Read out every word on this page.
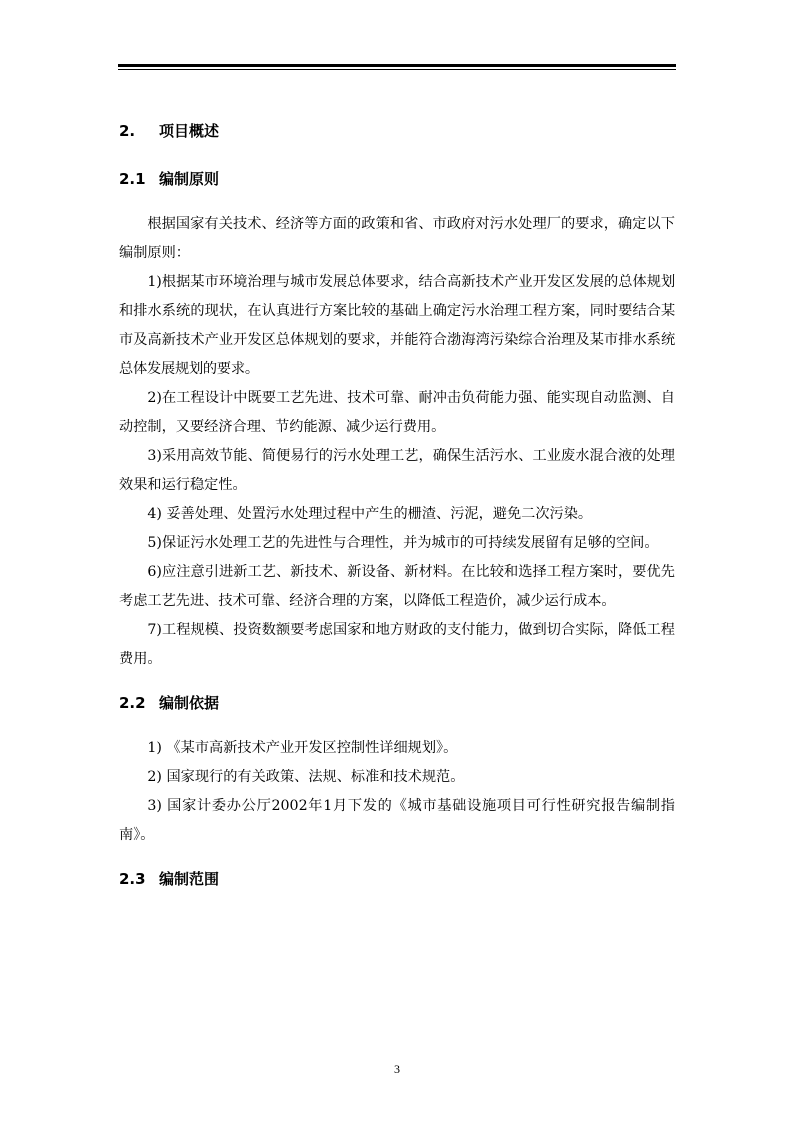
2. 项目概述
2.1 编制原则

根据国家有关技术、经济等方面的政策和省、市政府对污水处理厂的要求，确定以下编制原则：

1)根据某市环境治理与城市发展总体要求，结合高新技术产业开发区发展的总体规划和排水系统的现状，在认真进行方案比较的基础上确定污水治理工程方案，同时要结合某市及高新技术产业开发区总体规划的要求，并能符合渤海湾污染综合治理及某市排水系统总体发展规划的要求。

2)在工程设计中既要工艺先进、技术可靠、耐冲击负荷能力强、能实现自动监测、自动控制，又要经济合理、节约能源、减少运行费用。

3)采用高效节能、简便易行的污水处理工艺，确保生活污水、工业废水混合液的处理效果和运行稳定性。

4) 妥善处理、处置污水处理过程中产生的栅渣、污泥，避免二次污染。

5)保证污水处理工艺的先进性与合理性，并为城市的可持续发展留有足够的空间。

6)应注意引进新工艺、新技术、新设备、新材料。在比较和选择工程方案时，要优先考虑工艺先进、技术可靠、经济合理的方案，以降低工程造价，减少运行成本。

7)工程规模、投资数额要考虑国家和地方财政的支付能力，做到切合实际，降低工程费用。

2.2 编制依据

1) 《某市高新技术产业开发区控制性详细规划》。

2) 国家现行的有关政策、法规、标准和技术规范。

3) 国家计委办公厅2002年1月下发的《城市基础设施项目可行性研究报告编制指南》。

2.3 编制范围
3
